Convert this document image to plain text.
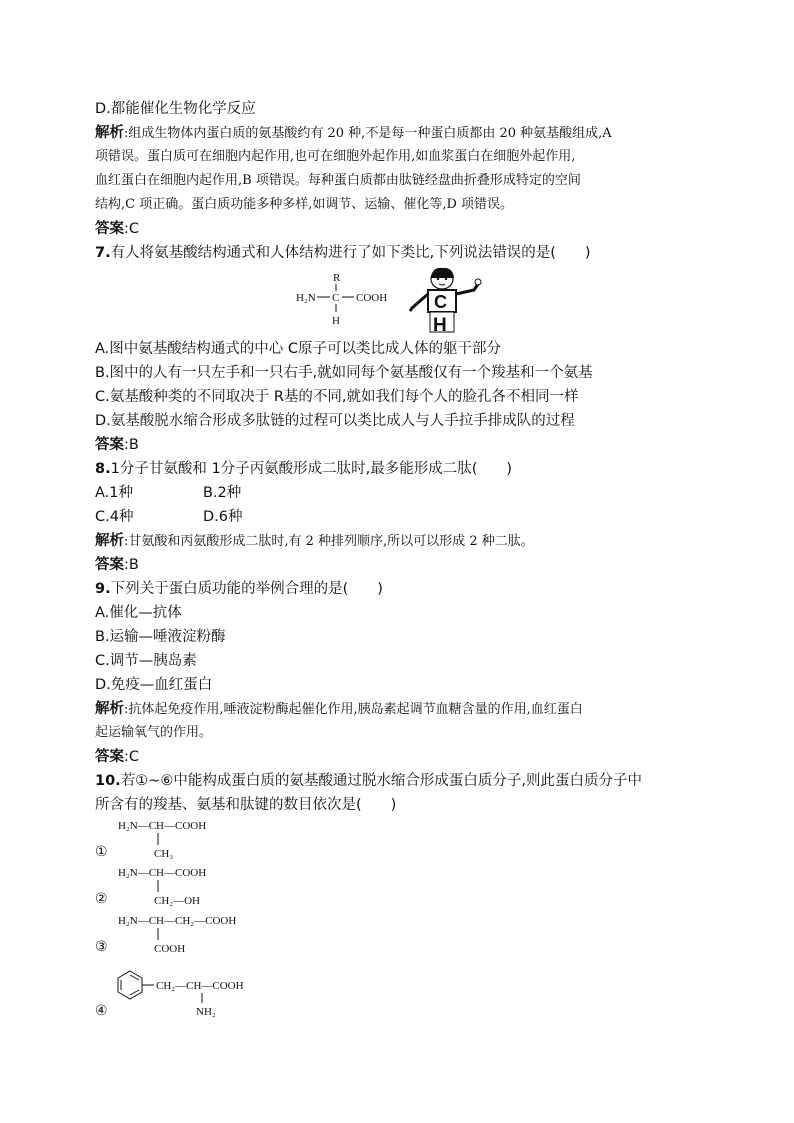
D.都能催化生物化学反应
解析:组成生物体内蛋白质的氨基酸约有 20 种,不是每一种蛋白质都由 20 种氨基酸组成,A
项错误。蛋白质可在细胞内起作用,也可在细胞外起作用,如血浆蛋白在细胞外起作用,
血红蛋白在细胞内起作用,B 项错误。每种蛋白质都由肽链经盘曲折叠形成特定的空间
结构,C 项正确。蛋白质功能多种多样,如调节、运输、催化等,D 项错误。
答案:C
7.有人将氨基酸结构通式和人体结构进行了如下类比,下列说法错误的是(　　)
R
H₂N C COOH
H
C
H
A.图中氨基酸结构通式的中心 C原子可以类比成人体的躯干部分
B.图中的人有一只左手和一只右手,就如同每个氨基酸仅有一个羧基和一个氨基
C.氨基酸种类的不同取决于 R基的不同,就如我们每个人的脸孔各不相同一样
D.氨基酸脱水缩合形成多肽链的过程可以类比成人与人手拉手排成队的过程
答案:B
8.1分子甘氨酸和 1分子丙氨酸形成二肽时,最多能形成二肽(　　)
A.1种	B.2种
C.4种	D.6种
解析:甘氨酸和丙氨酸形成二肽时,有 2 种排列顺序,所以可以形成 2 种二肽。
答案:B
9.下列关于蛋白质功能的举例合理的是(　　)
A.催化—抗体
B.运输—唾液淀粉酶
C.调节—胰岛素
D.免疫—血红蛋白
解析:抗体起免疫作用,唾液淀粉酶起催化作用,胰岛素起调节血糖含量的作用,血红蛋白
起运输氧气的作用。
答案:C
10.若①~⑥中能构成蛋白质的氨基酸通过脱水缩合形成蛋白质分子,则此蛋白质分子中
所含有的羧基、氨基和肽键的数目依次是(　　)
H₂N—CH—COOH
CH₃
①
H₂N—CH—COOH
CH₂—OH
②
H₂N—CH—CH₂—COOH
COOH
③
CH₂—CH—COOH
NH₂
④
